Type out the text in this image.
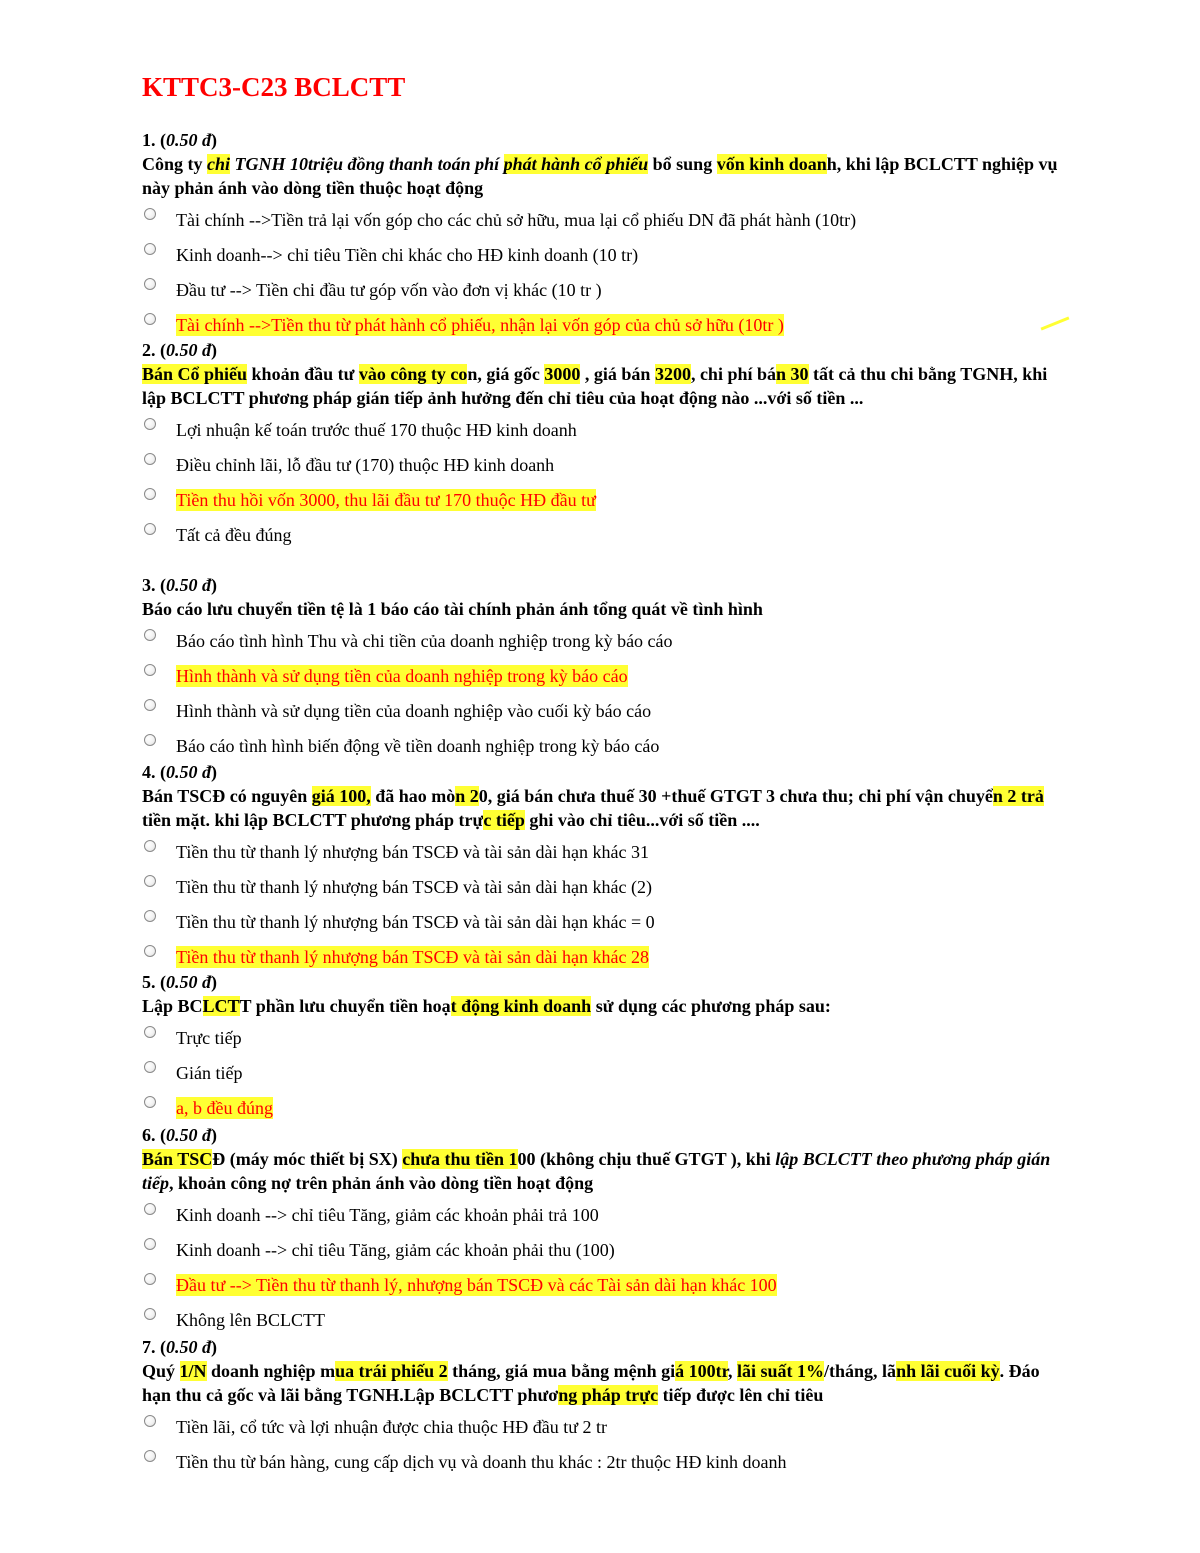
KTTC3-C23 BCLCTT
1. (0.50 đ)
Công ty chi TGNH 10triệu đồng thanh toán phí phát hành cổ phiếu bổ sung vốn kinh doanh, khi lập BCLCTT nghiệp vụ này phản ánh vào dòng tiền thuộc hoạt động
Tài chính -->Tiền trả lại vốn góp cho các chủ sở hữu, mua lại cổ phiếu DN đã phát hành (10tr)
Kinh doanh--> chỉ tiêu Tiền chi khác cho HĐ kinh doanh (10 tr)
Đầu tư --> Tiền chi đầu tư góp vốn vào đơn vị khác (10 tr )
Tài chính -->Tiền thu từ phát hành cổ phiếu, nhận lại vốn góp của chủ sở hữu (10tr )
2. (0.50 đ)
Bán Cổ phiếu khoản đầu tư vào công ty con, giá gốc 3000 , giá bán 3200, chi phí bán 30 tất cả thu chi bằng TGNH, khi lập BCLCTT phương pháp gián tiếp ảnh hưởng đến chỉ tiêu của hoạt động nào ...với số tiền ...
Lợi nhuận kế toán trước thuế 170 thuộc HĐ kinh doanh
Điều chỉnh lãi, lỗ đầu tư (170) thuộc HĐ kinh doanh
Tiền thu hồi vốn 3000, thu lãi đầu tư 170 thuộc HĐ đầu tư
Tất cả đều đúng
3. (0.50 đ)
Báo cáo lưu chuyển tiền tệ là 1 báo cáo tài chính phản ánh tổng quát về tình hình
Báo cáo tình hình Thu và chi tiền của doanh nghiệp trong kỳ báo cáo
Hình thành và sử dụng tiền của doanh nghiệp trong kỳ báo cáo
Hình thành và sử dụng tiền của doanh nghiệp vào cuối kỳ báo cáo
Báo cáo tình hình biến động về tiền doanh nghiệp trong kỳ báo cáo
4. (0.50 đ)
Bán TSCĐ có nguyên giá 100, đã hao mòn 20, giá bán chưa thuế 30 +thuế GTGT 3 chưa thu; chi phí vận chuyển 2 trả tiền mặt. khi lập BCLCTT phương pháp trực tiếp ghi vào chỉ tiêu...với số tiền ....
Tiền thu từ thanh lý nhượng bán TSCĐ và tài sản dài hạn khác 31
Tiền thu từ thanh lý nhượng bán TSCĐ và tài sản dài hạn khác (2)
Tiền thu từ thanh lý nhượng bán TSCĐ và tài sản dài hạn khác = 0
Tiền thu từ thanh lý nhượng bán TSCĐ và tài sản dài hạn khác 28
5. (0.50 đ)
Lập BCLCTT phần lưu chuyển tiền hoạt động kinh doanh sử dụng các phương pháp sau:
Trực tiếp
Gián tiếp
a, b đều đúng
6. (0.50 đ)
Bán TSCĐ (máy móc thiết bị SX) chưa thu tiền 100 (không chịu thuế GTGT ), khi lập BCLCTT theo phương pháp gián tiếp, khoản công nợ trên phản ánh vào dòng tiền hoạt động
Kinh doanh --> chỉ tiêu Tăng, giảm các khoản phải trả 100
Kinh doanh --> chỉ tiêu Tăng, giảm các khoản phải thu (100)
Đầu tư --> Tiền thu từ thanh lý, nhượng bán TSCĐ và các Tài sản dài hạn khác 100
Không lên BCLCTT
7. (0.50 đ)
Quý 1/N doanh nghiệp mua trái phiếu 2 tháng, giá mua bằng mệnh giá 100tr, lãi suất 1%/tháng, lãnh lãi cuối kỳ. Đáo hạn thu cả gốc và lãi bằng TGNH.Lập BCLCTT phương pháp trực tiếp được lên chỉ tiêu
Tiền lãi, cổ tức và lợi nhuận được chia thuộc HĐ đầu tư 2 tr
Tiền thu từ bán hàng, cung cấp dịch vụ và doanh thu khác : 2tr thuộc HĐ kinh doanh
